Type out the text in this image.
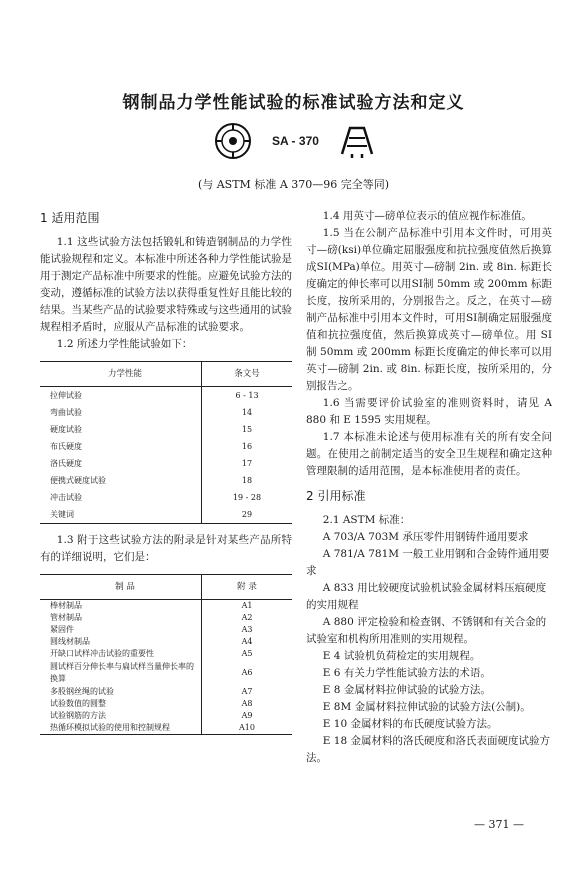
钢制品力学性能试验的标准试验方法和定义
SA - 370
(与 ASTM 标准 A 370—96 完全等同)
1 适用范围

1.1 这些试验方法包括锻轧和铸造钢制品的力学性能试验规程和定义。本标准中所述各种力学性能试验是用于测定产品标准中所要求的性能。应避免试验方法的变动，遵循标准的试验方法以获得重复性好且能比较的结果。当某些产品的试验要求特殊或与这些通用的试验规程相矛盾时，应服从产品标准的试验要求。

1.2 所述力学性能试验如下：

力学性能	条文号
拉伸试验	6 - 13
弯曲试验	14
硬度试验	15
布氏硬度	16
洛氏硬度	17
便携式硬度试验	18
冲击试验	19 - 28
关键词	29

1.3 附于这些试验方法的附录是针对某些产品所特有的详细说明，它们是：

制 品	附 录
棒材制品	A1
管材制品	A2
紧固件	A3
圆线材制品	A4
开缺口试样冲击试验的重要性	A5
圆试样百分伸长率与扁试样当量伸长率的换算	A6
多股钢丝绳的试验	A7
试验数值的圆整	A8
试验钢筋的方法	A9
热循环模拟试验的使用和控制规程	A10

1.4 用英寸—磅单位表示的值应视作标准值。

1.5 当在公制产品标准中引用本文件时，可用英寸—磅(ksi)单位确定屈服强度和抗拉强度值然后换算成SI(MPa)单位。用英寸—磅制 2in. 或 8in. 标距长度确定的伸长率可以用SI制 50mm 或 200mm 标距长度，按所采用的，分别报告之。反之，在英寸—磅制产品标准中引用本文件时，可用SI制确定屈服强度值和抗拉强度值，然后换算成英寸—磅单位。用 SI 制 50mm 或 200mm 标距长度确定的伸长率可以用英寸—磅制 2in. 或 8in. 标距长度，按所采用的，分别报告之。

1.6 当需要评价试验室的准则资料时，请见 A 880 和 E 1595 实用规程。

1.7 本标准未论述与使用标准有关的所有安全问题。在使用之前制定适当的安全卫生规程和确定这种管理限制的适用范围，是本标准使用者的责任。

2 引用标准

2.1 ASTM 标准：

A 703/A 703M 承压零件用钢铸件通用要求

A 781/A 781M 一般工业用钢和合金铸件通用要求

A 833 用比较硬度试验机试验金属材料压痕硬度的实用规程

A 880 评定检验和检查钢、不锈钢和有关合金的试验室和机构所用准则的实用规程。

E 4 试验机负荷检定的实用规程。

E 6 有关力学性能试验方法的术语。

E 8 金属材料拉伸试验的试验方法。

E 8M 金属材料拉伸试验的试验方法(公制)。

E 10 金属材料的布氏硬度试验方法。

E 18 金属材料的洛氏硬度和洛氏表面硬度试验方法。

— 371 —
